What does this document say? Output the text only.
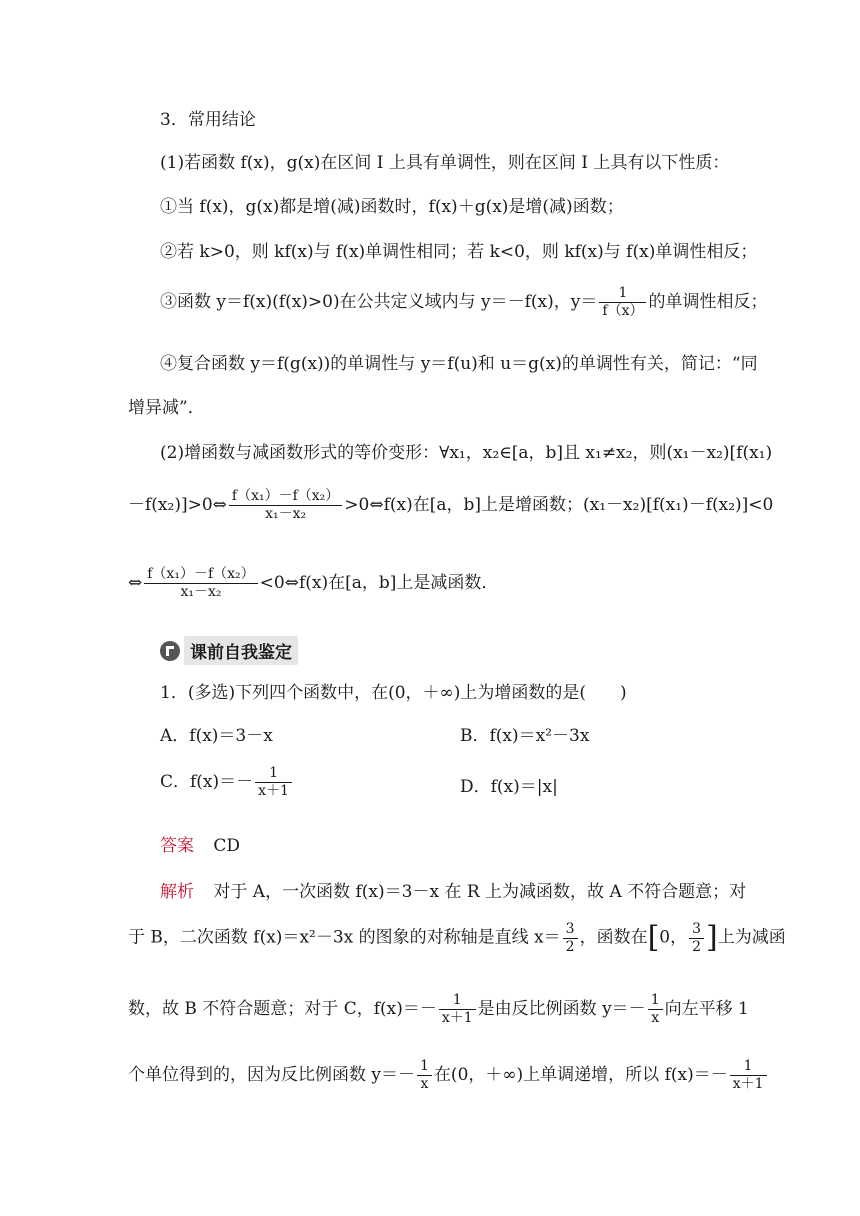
3．常用结论
(1)若函数 f(x)，g(x)在区间 I 上具有单调性，则在区间 I 上具有以下性质：
①当 f(x)，g(x)都是增(减)函数时，f(x)＋g(x)是增(减)函数；
②若 k>0，则 kf(x)与 f(x)单调性相同；若 k<0，则 kf(x)与 f(x)单调性相反；
③函数 y＝f(x)(f(x)>0)在公共定义域内与 y＝－f(x)，$y= \frac{1}{f(x)}$ 的单调性相反；
④复合函数 y＝f(g(x))的单调性与 y＝f(u)和 u＝g(x)的单调性有关，简记：“同
增异减”．
(2)增函数与减函数形式的等价变形：∀x₁，x₂∈[a，b]且 x₁≠x₂，则(x₁－x₂)[f(x₁)
－f(x₂)]>0⇔ $\frac{\text{f（x₁）－f（x₂）}}{\text{x₁－x₂}}$ >0⇔f(x)在[a，b]上是增函数；(x₁－x₂)[f(x₁)－f(x₂)]<0
⇔ $\frac{\text{f（x₁）－f（x₂）}}{\text{x₁－x₂}}$ <0⇔f(x)在[a，b]上是减函数．
课前自我鉴定
1．(多选)下列四个函数中，在(0，＋∞)上为增函数的是(　　)
A．f(x)＝3－x	B．f(x)＝x²－3x
C．$f(x)=- \frac{1}{x+1}$	D．f(x)＝|x|
答案 CD
解析 对于 A，一次函数 f(x)＝3－x 在 R 上为减函数，故 A 不符合题意；对
于 B，二次函数 f(x)＝x²－3x 的图象的对称轴是直线 $x= \frac{3}{2}$ ，函数在[0， $\frac{3}{2}$ ]上为减函
数，故 B 不符合题意；对于 C，$f(x)=- \frac{1}{x+1}$ 是由反比例函数 $y=- \frac{1}{x}$ 向左平移 1
个单位得到的，因为反比例函数 $y=- \frac{1}{x}$ 在(0，＋∞)上单调递增，所以 $f(x)=- \frac{1}{x+1}$
